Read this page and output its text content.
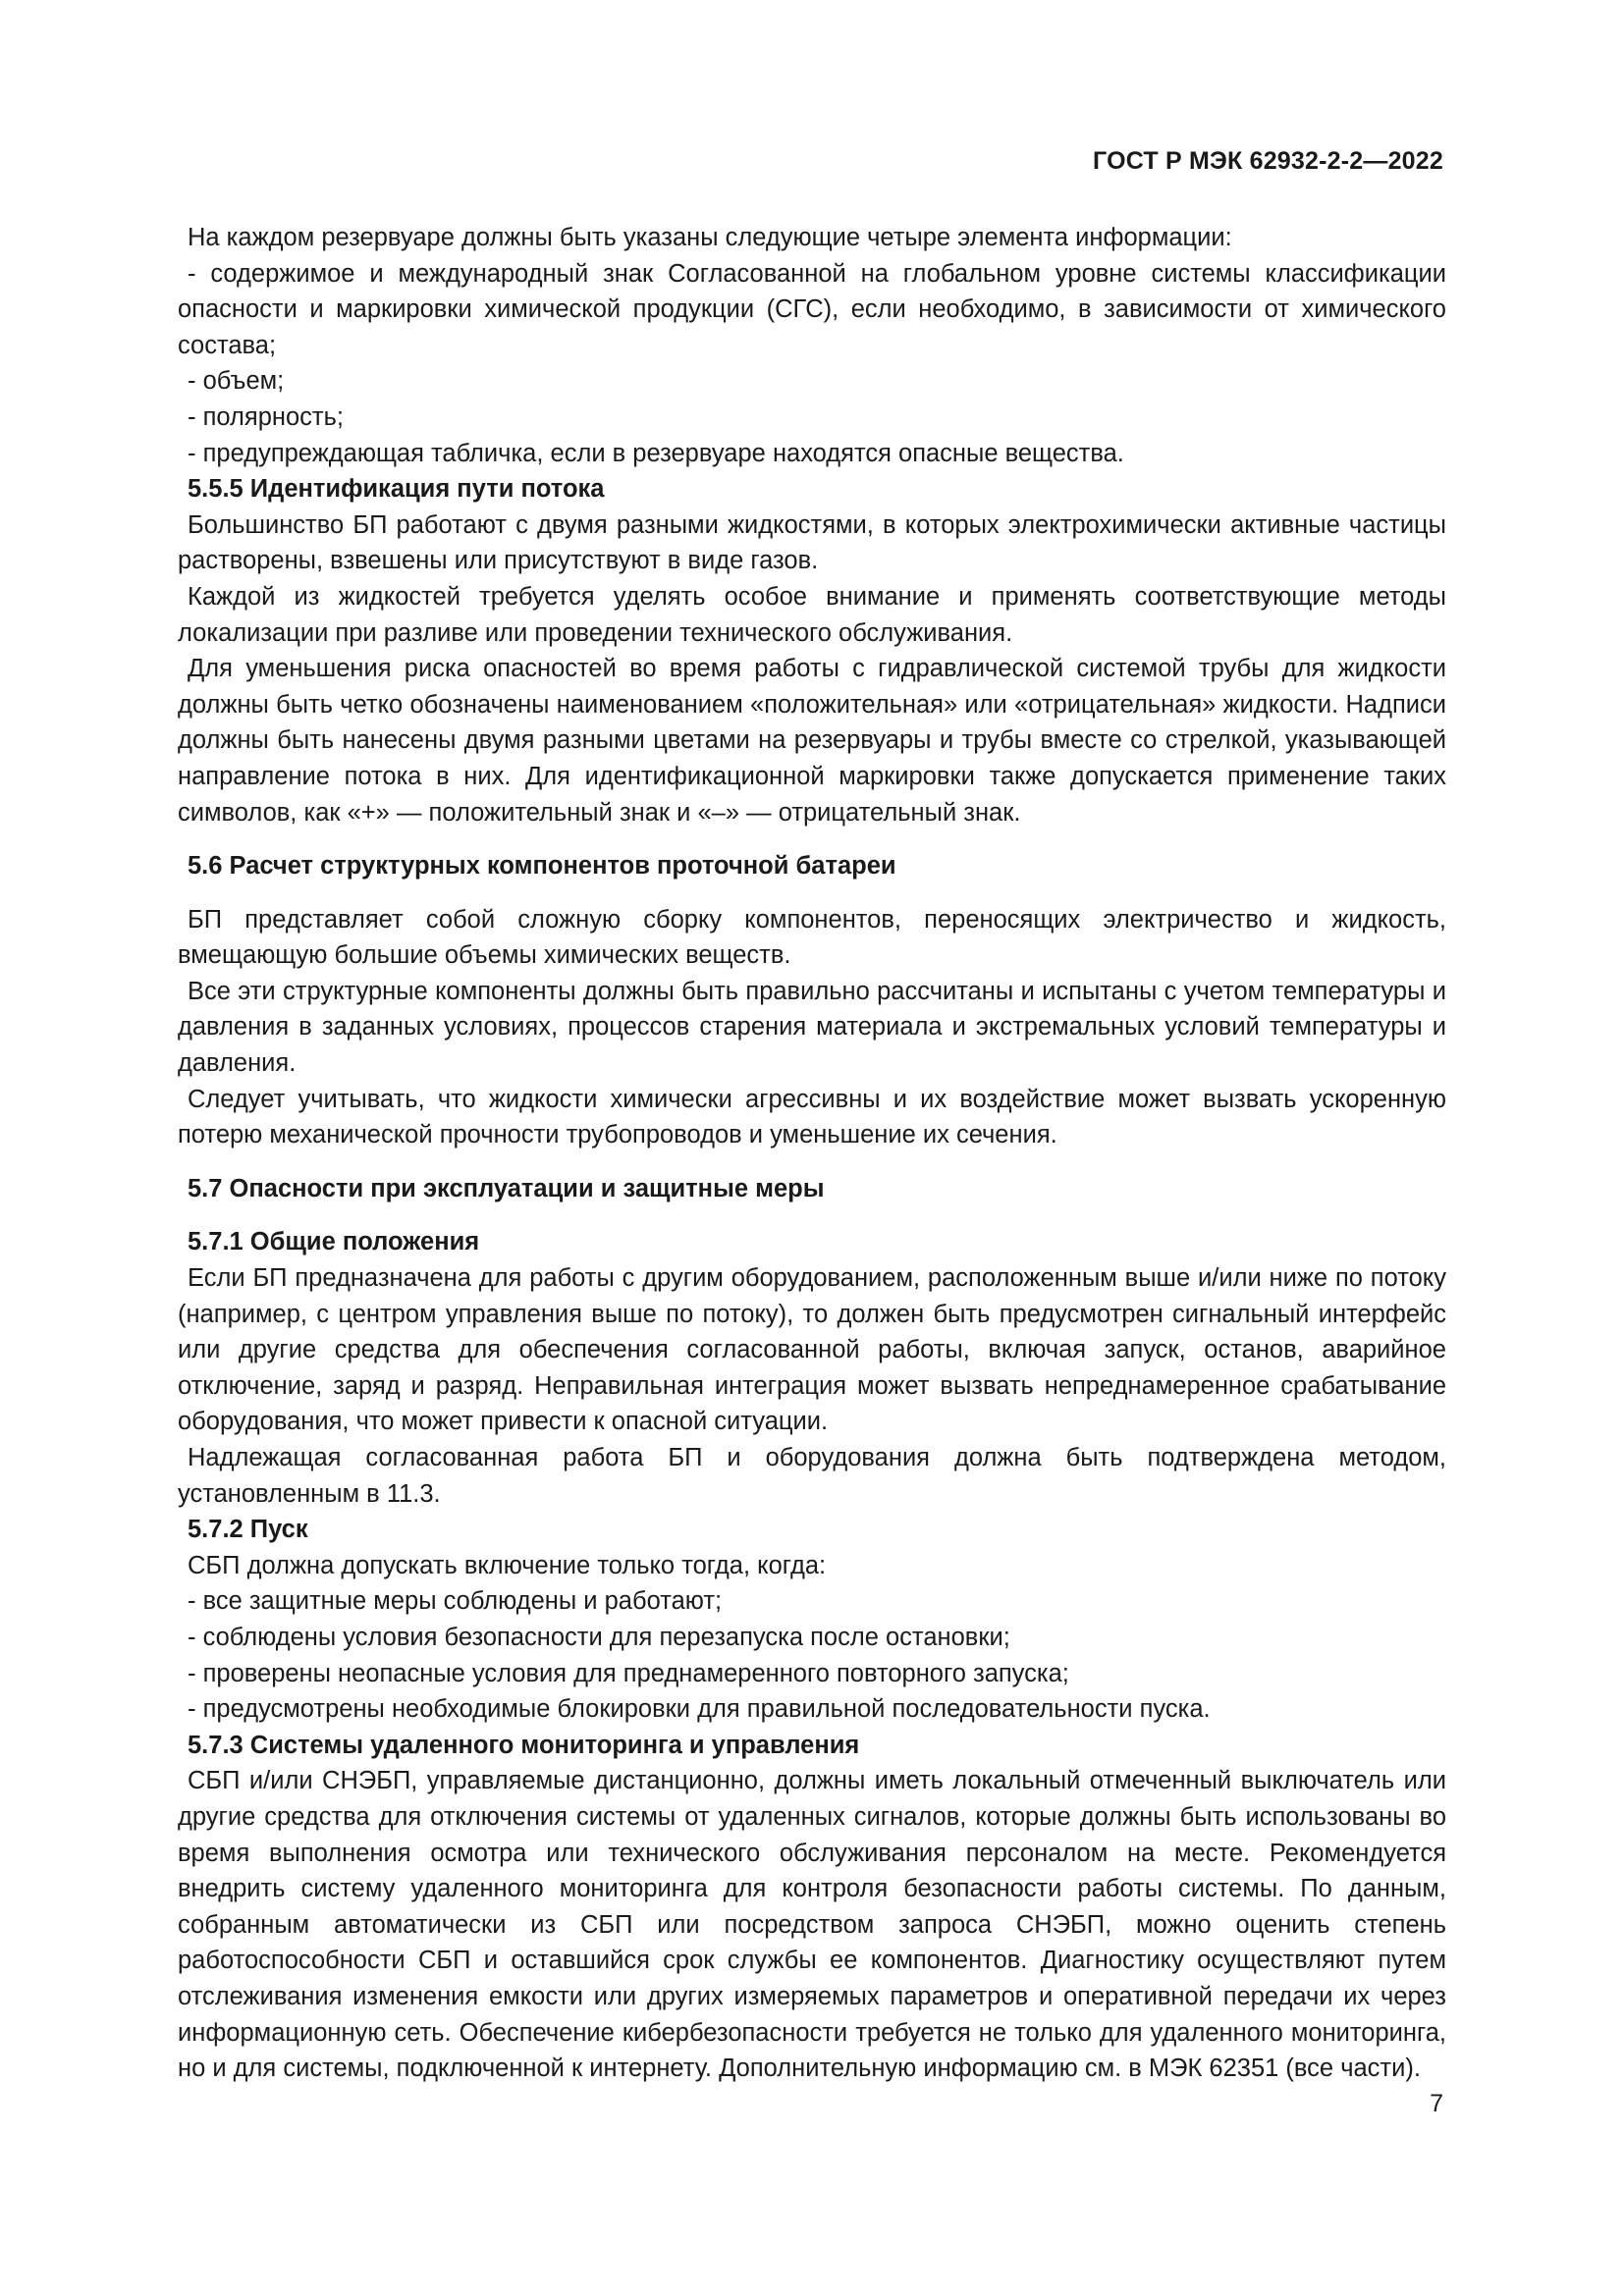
ГОСТ Р МЭК 62932-2-2—2022

На каждом резервуаре должны быть указаны следующие четыре элемента информации:

- содержимое и международный знак Согласованной на глобальном уровне системы классификации опасности и маркировки химической продукции (СГС), если необходимо, в зависимости от химического состава;

- объем;

- полярность;

- предупреждающая табличка, если в резервуаре находятся опасные вещества.

5.5.5 Идентификация пути потока

Большинство БП работают с двумя разными жидкостями, в которых электрохимически активные частицы растворены, взвешены или присутствуют в виде газов.

Каждой из жидкостей требуется уделять особое внимание и применять соответствующие методы локализации при разливе или проведении технического обслуживания.

Для уменьшения риска опасностей во время работы с гидравлической системой трубы для жидкости должны быть четко обозначены наименованием «положительная» или «отрицательная» жидкости. Надписи должны быть нанесены двумя разными цветами на резервуары и трубы вместе со стрелкой, указывающей направление потока в них. Для идентификационной маркировки также допускается применение таких символов, как «+» — положительный знак и «–» — отрицательный знак.

5.6 Расчет структурных компонентов проточной батареи

БП представляет собой сложную сборку компонентов, переносящих электричество и жидкость, вмещающую большие объемы химических веществ.

Все эти структурные компоненты должны быть правильно рассчитаны и испытаны с учетом температуры и давления в заданных условиях, процессов старения материала и экстремальных условий температуры и давления.

Следует учитывать, что жидкости химически агрессивны и их воздействие может вызвать ускоренную потерю механической прочности трубопроводов и уменьшение их сечения.

5.7 Опасности при эксплуатации и защитные меры

5.7.1 Общие положения

Если БП предназначена для работы с другим оборудованием, расположенным выше и/или ниже по потоку (например, с центром управления выше по потоку), то должен быть предусмотрен сигнальный интерфейс или другие средства для обеспечения согласованной работы, включая запуск, останов, аварийное отключение, заряд и разряд. Неправильная интеграция может вызвать непреднамеренное срабатывание оборудования, что может привести к опасной ситуации.

Надлежащая согласованная работа БП и оборудования должна быть подтверждена методом, установленным в 11.3.

5.7.2 Пуск

СБП должна допускать включение только тогда, когда:

- все защитные меры соблюдены и работают;

- соблюдены условия безопасности для перезапуска после остановки;

- проверены неопасные условия для преднамеренного повторного запуска;

- предусмотрены необходимые блокировки для правильной последовательности пуска.

5.7.3 Системы удаленного мониторинга и управления

СБП и/или СНЭБП, управляемые дистанционно, должны иметь локальный отмеченный выключатель или другие средства для отключения системы от удаленных сигналов, которые должны быть использованы во время выполнения осмотра или технического обслуживания персоналом на месте. Рекомендуется внедрить систему удаленного мониторинга для контроля безопасности работы системы. По данным, собранным автоматически из СБП или посредством запроса СНЭБП, можно оценить степень работоспособности СБП и оставшийся срок службы ее компонентов. Диагностику осуществляют путем отслеживания изменения емкости или других измеряемых параметров и оперативной передачи их через информационную сеть. Обеспечение кибербезопасности требуется не только для удаленного мониторинга, но и для системы, подключенной к интернету. Дополнительную информацию см. в МЭК 62351 (все части).

7
